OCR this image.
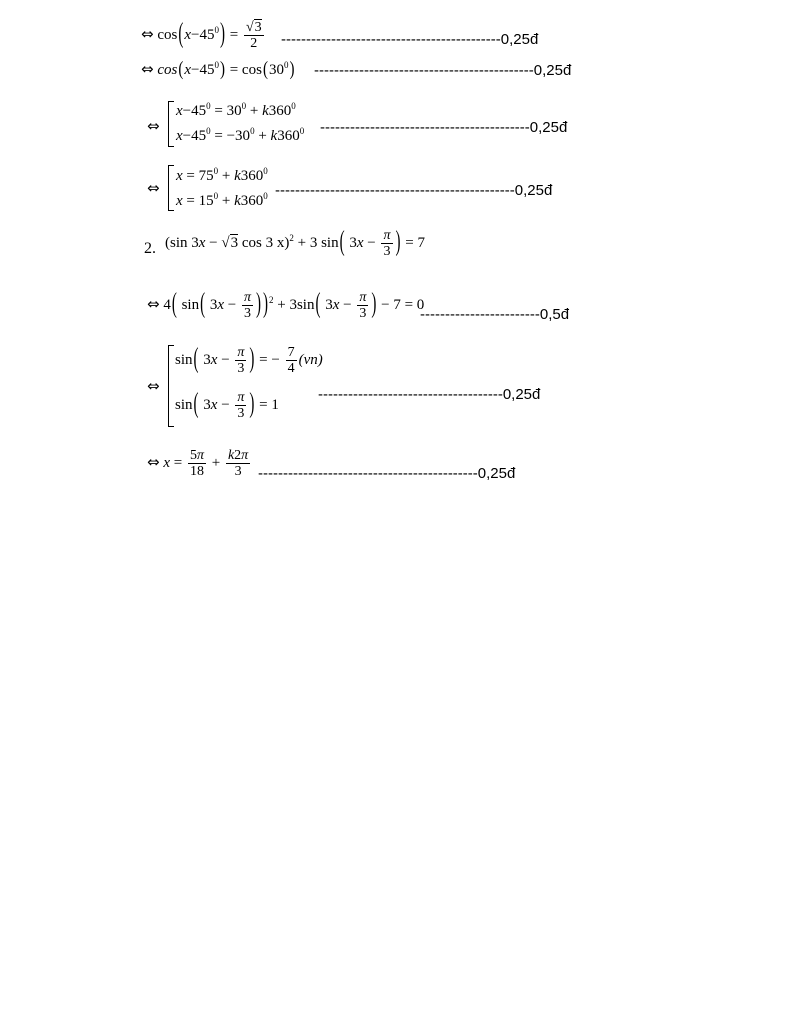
⇔ $\cos(x-45^0) = \frac{√3}{2}$ --------------------------------------------0,25đ
⇔ $\cos(x-45^0) = \cos(30^0)$ --------------------------------------------0,25đ
⇔
$x-45^0 = 30^0 + k360^0$
$x-45^0 = -30^0 + k360^0$ ------------------------------------------0,25đ
⇔
$x = 75^0 + k360^0$
$x = 15^0 + k360^0$ ------------------------------------------------0,25đ
2. (sin 3x − √3 cos 3 x)$^2$ + 3 sin( $3x - \frac{\pi}{3}$ ) = 7
⇔ 4( sin( $3x - \frac{\pi}{3}$ ) )$^2$ + 3sin( $3x - \frac{\pi}{3}$ ) − 7 = 0
------------------------0,5đ
⇔
sin( $3x - \frac{\pi}{3}$ ) = − $\frac{7}{4} (vn)$
sin( $3x - \frac{\pi}{3}$ ) = 1
-------------------------------------0,25đ
⇔ $x = \frac{5\pi}{18} + \frac{k2\pi}{3}$ --------------------------------------------0,25đ
